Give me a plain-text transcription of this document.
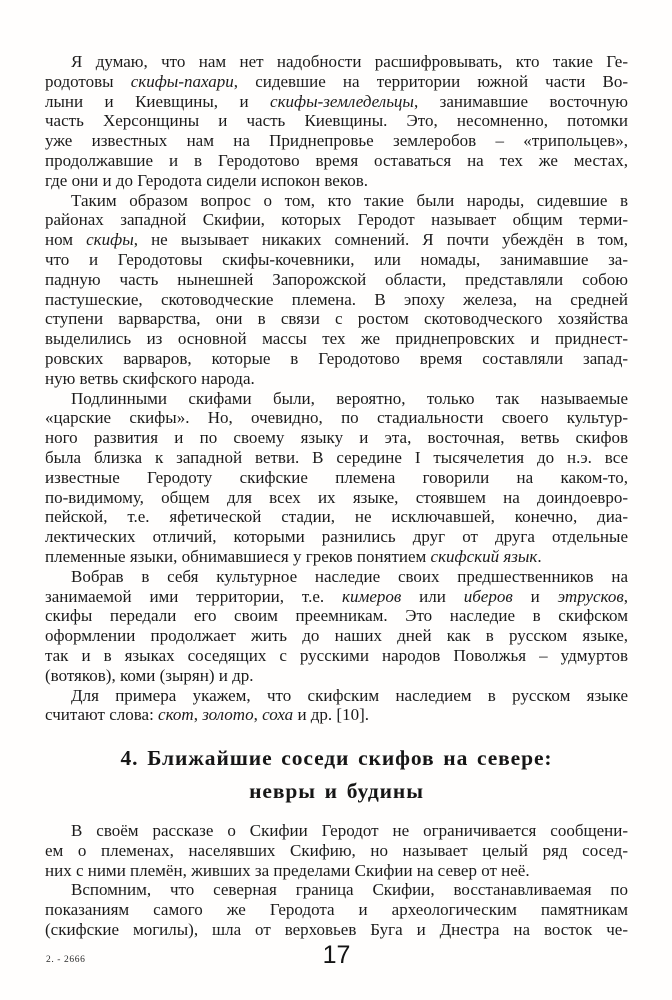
Я думаю, что нам нет надобности расшифровывать, кто такие Ге-
родотовы скифы-пахари, сидевшие на территории южной части Во-
лыни и Киевщины, и скифы-земледельцы, занимавшие восточную
часть Херсонщины и часть Киевщины. Это, несомненно, потомки
уже известных нам на Приднепровье землеробов – «трипольцев»,
продолжавшие и в Геродотово время оставаться на тех же местах,
где они и до Геродота сидели испокон веков.
Таким образом вопрос о том, кто такие были народы, сидевшие в
районах западной Скифии, которых Геродот называет общим терми-
ном скифы, не вызывает никаких сомнений. Я почти убеждён в том,
что и Геродотовы скифы-кочевники, или номады, занимавшие за-
падную часть нынешней Запорожской области, представляли собою
пастушеские, скотоводческие племена. В эпоху железа, на средней
ступени варварства, они в связи с ростом скотоводческого хозяйства
выделились из основной массы тех же приднепровских и приднест-
ровских варваров, которые в Геродотово время составляли запад-
ную ветвь скифского народа.
Подлинными скифами были, вероятно, только так называемые
«царские скифы». Но, очевидно, по стадиальности своего культур-
ного развития и по своему языку и эта, восточная, ветвь скифов
была близка к западной ветви. В середине I тысячелетия до н.э. все
известные Геродоту скифские племена говорили на каком-то,
по-видимому, общем для всех их языке, стоявшем на доиндоевро-
пейской, т.е. яфетической стадии, не исключавшей, конечно, диа-
лектических отличий, которыми разнились друг от друга отдельные
племенные языки, обнимавшиеся у греков понятием скифский язык.
Вобрав в себя культурное наследие своих предшественников на
занимаемой ими территории, т.е. кимеров или иберов и этрусков,
скифы передали его своим преемникам. Это наследие в скифском
оформлении продолжает жить до наших дней как в русском языке,
так и в языках соседящих с русскими народов Поволжья – удмуртов
(вотяков), коми (зырян) и др.
Для примера укажем, что скифским наследием в русском языке
считают слова: скот, золото, соха и др. [10].
4. Ближайшие соседи скифов на севере:
невры и будины
В своём рассказе о Скифии Геродот не ограничивается сообщени-
ем о племенах, населявших Скифию, но называет целый ряд сосед-
них с ними племён, живших за пределами Скифии на север от неё.
Вспомним, что северная граница Скифии, восстанавливаемая по
показаниям самого же Геродота и археологическим памятникам
(скифские могилы), шла от верховьев Буга и Днестра на восток че-
2. - 2666	17
